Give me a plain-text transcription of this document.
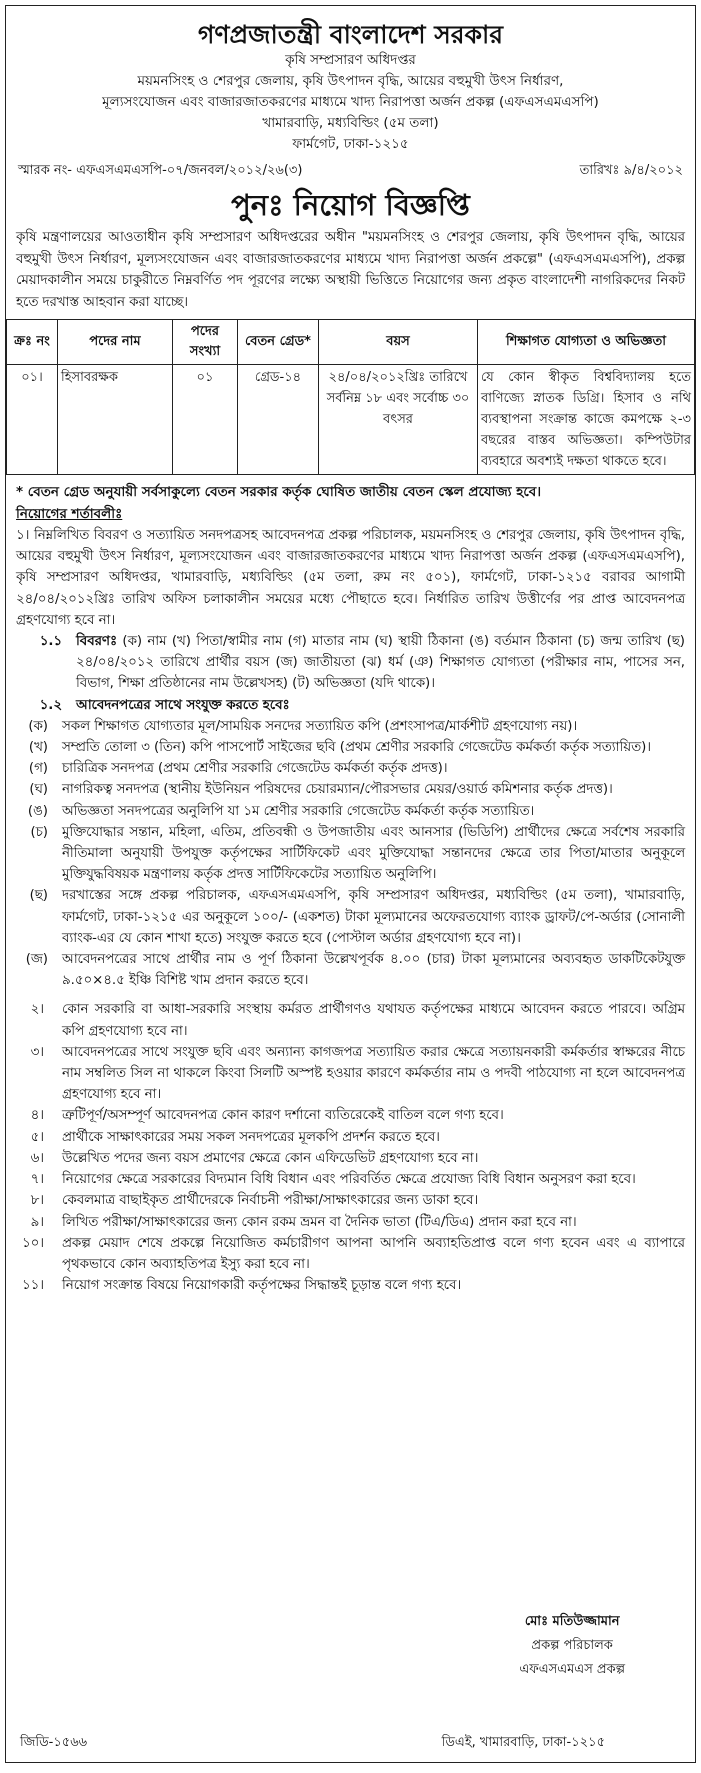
গণপ্রজাতন্ত্রী বাংলাদেশ সরকার
কৃষি সম্প্রসারণ অধিদপ্তর
ময়মনসিংহ ও শেরপুর জেলায়, কৃষি উৎপাদন বৃদ্ধি, আয়ের বহুমুখী উৎস নির্ধারণ,
মূল্যসংযোজন এবং বাজারজাতকরণের মাধ্যমে খাদ্য নিরাপত্তা অর্জন প্রকল্প (এফএসএমএসপি)
খামারবাড়ি, মধ্যবিল্ডিং (৫ম তলা)
ফার্মগেট, ঢাকা-১২১৫
স্মারক নং- এফএসএমএসপি-০৭/জনবল/২০১২/২৬(৩)	তারিখঃ ৯/৪/২০১২
পুনঃ নিয়োগ বিজ্ঞপ্তি
কৃষি মন্ত্রণালয়ের আওতাধীন কৃষি সম্প্রসারণ অধিদপ্তরের অধীন "ময়মনসিংহ ও শেরপুর জেলায়, কৃষি উৎপাদন বৃদ্ধি, আয়ের বহুমুখী উৎস নির্ধারণ, মূল্যসংযোজন এবং বাজারজাতকরণের মাধ্যমে খাদ্য নিরাপত্তা অর্জন প্রকল্পে" (এফএসএমএসপি), প্রকল্প মেয়াদকালীন সময়ে চাকুরীতে নিম্নবর্ণিত পদ পূরণের লক্ষ্যে অস্থায়ী ভিত্তিতে নিয়োগের জন্য প্রকৃত বাংলাদেশী নাগরিকদের নিকট হতে দরখাস্ত আহবান করা যাচ্ছে।
ক্রঃ নং	পদের নাম	পদের সংখ্যা	বেতন গ্রেড*	বয়স	শিক্ষাগত যোগ্যতা ও অভিজ্ঞতা
০১।	হিসাবরক্ষক	০১	গ্রেড-১৪	২৪/০৪/২০১২খ্রিঃ তারিখে সর্বনিম্ন ১৮ এবং সর্বোচ্চ ৩০ বৎসর	যে কোন স্বীকৃত বিশ্ববিদ্যালয় হতে বাণিজ্যে স্নাতক ডিগ্রি। হিসাব ও নথি ব্যবস্থাপনা সংক্রান্ত কাজে কমপক্ষে ২-৩ বছরের বাস্তব অভিজ্ঞতা। কম্পিউটার ব্যবহারে অবশ্যই দক্ষতা থাকতে হবে।
* বেতন গ্রেড অনুযায়ী সর্বসাকুল্যে বেতন সরকার কর্তৃক ঘোষিত জাতীয় বেতন স্কেল প্রযোজ্য হবে।
নিয়োগের শর্তাবলীঃ
১। নিম্নলিখিত বিবরণ ও সত্যায়িত সনদপত্রসহ আবেদনপত্র প্রকল্প পরিচালক, ময়মনসিংহ ও শেরপুর জেলায়, কৃষি উৎপাদন বৃদ্ধি, আয়ের বহুমুখী উৎস নির্ধারণ, মূল্যসংযোজন এবং বাজারজাতকরণের মাধ্যমে খাদ্য নিরাপত্তা অর্জন প্রকল্প (এফএসএমএসপি), কৃষি সম্প্রসারণ অধিদপ্তর, খামারবাড়ি, মধ্যবিল্ডিং (৫ম তলা, রুম নং ৫০১), ফার্মগেট, ঢাকা-১২১৫ বরাবর আগামী ২৪/০৪/২০১২খ্রিঃ তারিখ অফিস চলাকালীন সময়ের মধ্যে পৌছাতে হবে। নির্ধারিত তারিখ উত্তীর্ণের পর প্রাপ্ত আবেদনপত্র গ্রহণযোগ্য হবে না।
১.১	বিবরণঃ (ক) নাম (খ) পিতা/স্বামীর নাম (গ) মাতার নাম (ঘ) স্থায়ী ঠিকানা (ঙ) বর্তমান ঠিকানা (চ) জন্ম তারিখ (ছ) ২৪/০৪/২০১২ তারিখে প্রার্থীর বয়স (জ) জাতীয়তা (ঝ) ধর্ম (ঞ) শিক্ষাগত যোগ্যতা (পরীক্ষার নাম, পাসের সন, বিভাগ, শিক্ষা প্রতিষ্ঠানের নাম উল্লেখসহ) (ট) অভিজ্ঞতা (যদি থাকে)।
১.২	আবেদনপত্রের সাথে সংযুক্ত করতে হবেঃ
(ক)	সকল শিক্ষাগত যোগ্যতার মূল/সাময়িক সনদের সত্যায়িত কপি (প্রশংসাপত্র/মার্কশীট গ্রহণযোগ্য নয়)।
(খ)	সম্প্রতি তোলা ৩ (তিন) কপি পাসপোর্ট সাইজের ছবি (প্রথম শ্রেণীর সরকারি গেজেটেড কর্মকর্তা কর্তৃক সত্যায়িত)।
(গ)	চারিত্রিক সনদপত্র (প্রথম শ্রেণীর সরকারি গেজেটেড কর্মকর্তা কর্তৃক প্রদত্ত)।
(ঘ)	নাগরিকত্ব সনদপত্র (স্থানীয় ইউনিয়ন পরিষদের চেয়ারম্যান/পৌরসভার মেয়র/ওয়ার্ড কমিশনার কর্তৃক প্রদত্ত)।
(ঙ)	অভিজ্ঞতা সনদপত্রের অনুলিপি যা ১ম শ্রেণীর সরকারি গেজেটেড কর্মকর্তা কর্তৃক সত্যায়িত।
(চ)	মুক্তিযোদ্ধার সন্তান, মহিলা, এতিম, প্রতিবন্ধী ও উপজাতীয় এবং আনসার (ভিডিপি) প্রার্থীদের ক্ষেত্রে সর্বশেষ সরকারি নীতিমালা অনুযায়ী উপযুক্ত কর্তৃপক্ষের সার্টিফিকেট এবং মুক্তিযোদ্ধা সন্তানদের ক্ষেত্রে তার পিতা/মাতার অনুকূলে মুক্তিযুদ্ধবিষয়ক মন্ত্রণালয় কর্তৃক প্রদত্ত সার্টিফিকেটের সত্যায়িত অনুলিপি।
(ছ)	দরখাস্তের সঙ্গে প্রকল্প পরিচালক, এফএসএমএসপি, কৃষি সম্প্রসারণ অধিদপ্তর, মধ্যবিল্ডিং (৫ম তলা), খামারবাড়ি, ফার্মগেট, ঢাকা-১২১৫ এর অনুকূলে ১০০/- (একশত) টাকা মূল্যমানের অফেরতযোগ্য ব্যাংক ড্রাফট/পে-অর্ডার (সোনালী ব্যাংক-এর যে কোন শাখা হতে) সংযুক্ত করতে হবে (পোস্টাল অর্ডার গ্রহণযোগ্য হবে না)।
(জ)	আবেদনপত্রের সাথে প্রার্থীর নাম ও পূর্ণ ঠিকানা উল্লেখপূর্বক ৪.০০ (চার) টাকা মূল্যমানের অব্যবহৃত ডাকটিকেটযুক্ত ৯.৫০×৪.৫ ইঞ্চি বিশিষ্ট খাম প্রদান করতে হবে।
২।	কোন সরকারি বা আধা-সরকারি সংস্থায় কর্মরত প্রার্থীগণও যথাযত কর্তৃপক্ষের মাধ্যমে আবেদন করতে পারবে। অগ্রিম কপি গ্রহণযোগ্য হবে না।
৩।	আবেদনপত্রের সাথে সংযুক্ত ছবি এবং অন্যান্য কাগজপত্র সত্যায়িত করার ক্ষেত্রে সত্যায়নকারী কর্মকর্তার স্বাক্ষরের নীচে নাম সম্বলিত সিল না থাকলে কিংবা সিলটি অস্পষ্ট হওয়ার কারণে কর্মকর্তার নাম ও পদবী পাঠযোগ্য না হলে আবেদনপত্র গ্রহণযোগ্য হবে না।
৪।	ত্রুটিপূর্ণ/অসম্পূর্ণ আবেদনপত্র কোন কারণ দর্শানো ব্যতিরেকেই বাতিল বলে গণ্য হবে।
৫।	প্রার্থীকে সাক্ষাৎকারের সময় সকল সনদপত্রের মূলকপি প্রদর্শন করতে হবে।
৬।	উল্লেখিত পদের জন্য বয়স প্রমাণের ক্ষেত্রে কোন এফিডেভিট গ্রহণযোগ্য হবে না।
৭।	নিয়োগের ক্ষেত্রে সরকারের বিদ্যমান বিধি বিধান এবং পরিবর্তিত ক্ষেত্রে প্রযোজ্য বিধি বিধান অনুসরণ করা হবে।
৮।	কেবলমাত্র বাছাইকৃত প্রার্থীদেরকে নির্বাচনী পরীক্ষা/সাক্ষাৎকারের জন্য ডাকা হবে।
৯।	লিখিত পরীক্ষা/সাক্ষাৎকারের জন্য কোন রকম ভ্রমন বা দৈনিক ভাতা (টিএ/ডিএ) প্রদান করা হবে না।
১০।	প্রকল্প মেয়াদ শেষে প্রকল্পে নিয়োজিত কর্মচারীগণ আপনা আপনি অব্যাহতিপ্রাপ্ত বলে গণ্য হবেন এবং এ ব্যাপারে পৃথকভাবে কোন অব্যাহতিপত্র ইস্যু করা হবে না।
১১।	নিয়োগ সংক্রান্ত বিষয়ে নিয়োগকারী কর্তৃপক্ষের সিদ্ধান্তই চূড়ান্ত বলে গণ্য হবে।
মোঃ মতিউজ্জামান
প্রকল্প পরিচালক
এফএসএমএস প্রকল্প
জিডি-১৫৬৬	ডিএই, খামারবাড়ি, ঢাকা-১২১৫
